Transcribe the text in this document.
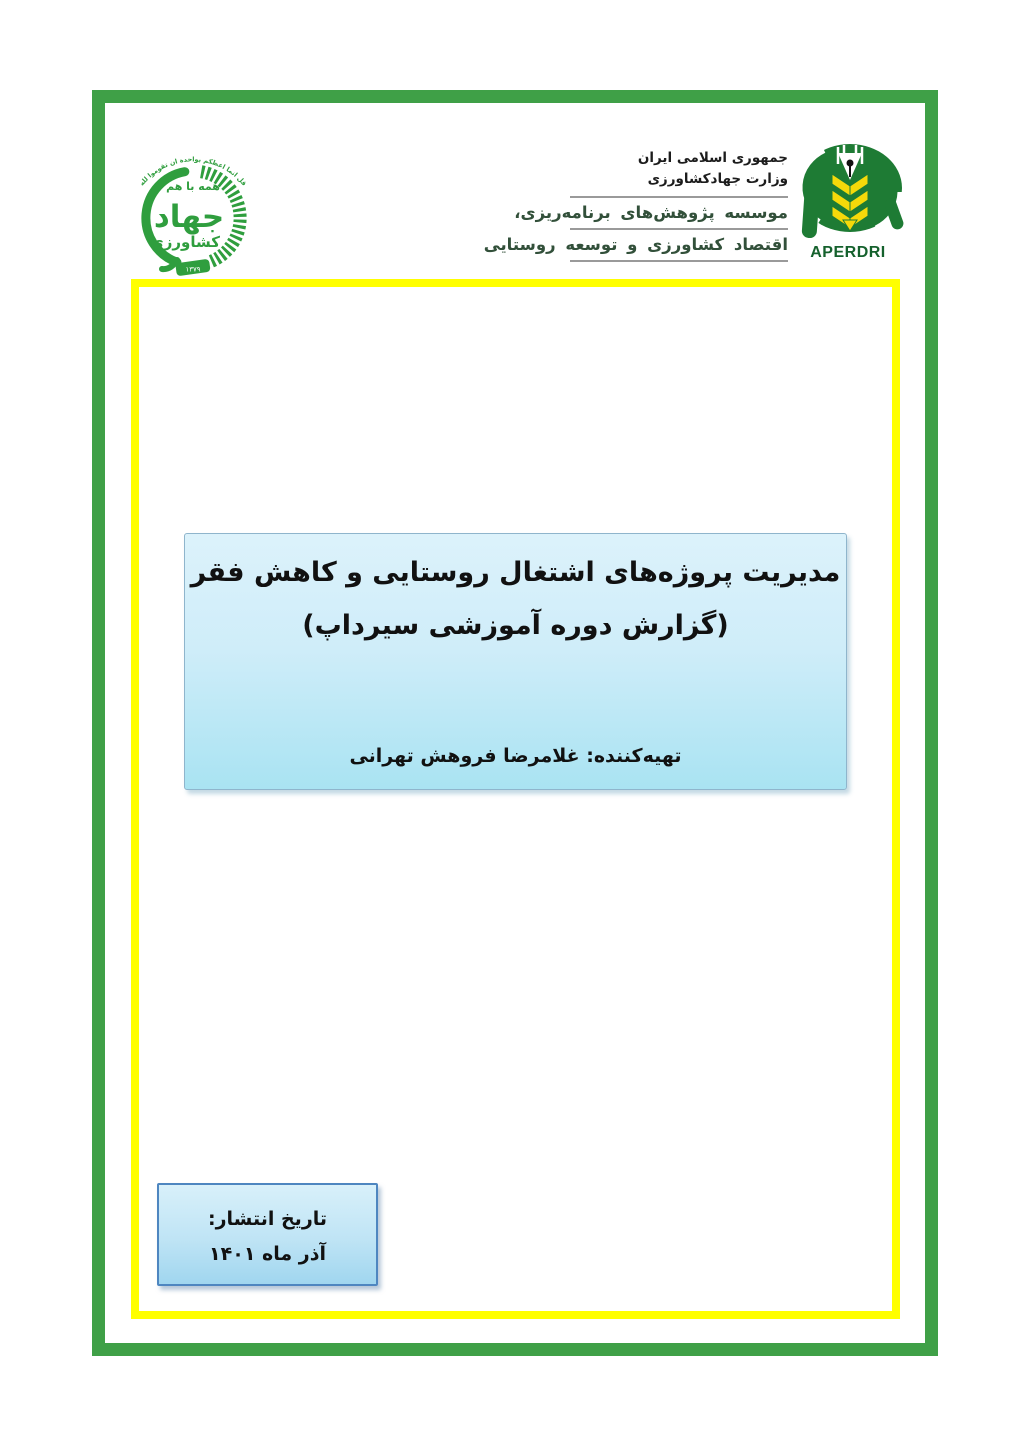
قل انما اعظکم بواحدة ان تقوموا لله
۱۳۷۹
همه با هم
جهاد
کشاورزی
جمهوری اسلامی ایران
وزارت جهادکشاورزی
موسسه پژوهش‌های برنامه‌ریزی،
اقتصاد کشاورزی و توسعه روستایی	APERDRI
مدیریت پروژه‌های اشتغال روستایی و کاهش فقر
(گزارش دوره آموزشی سیرداپ)
تهیه‌کننده: غلامرضا فروهش تهرانی
تاریخ انتشار:
آذر ماه ۱۴۰۱
